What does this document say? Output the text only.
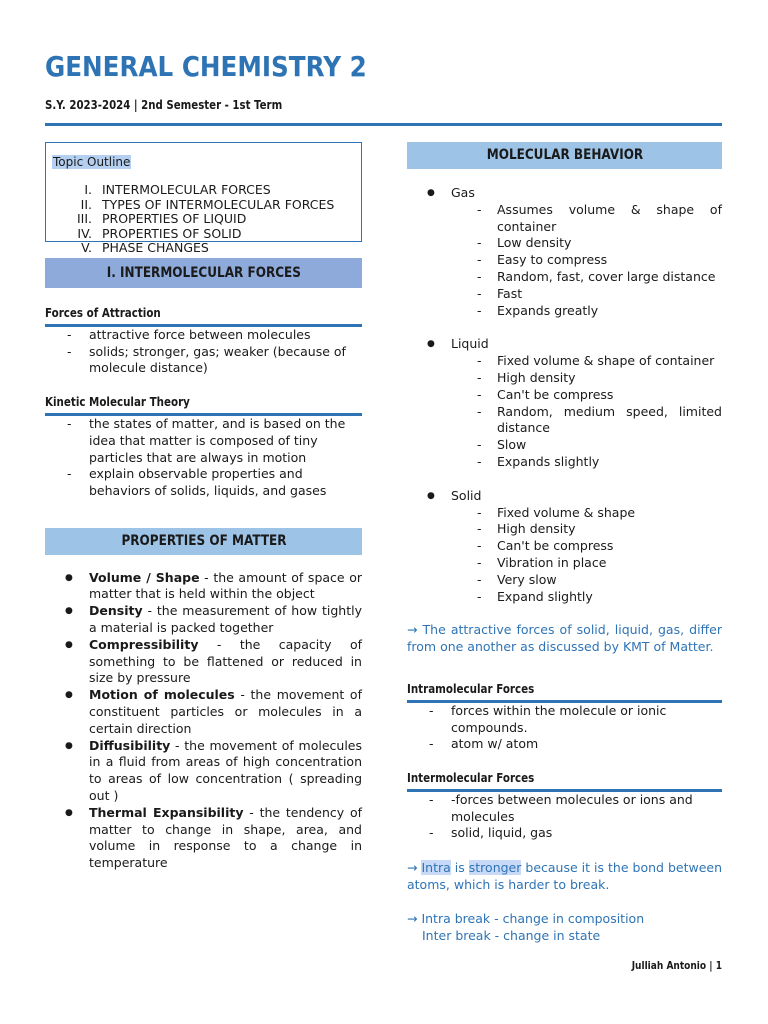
GENERAL CHEMISTRY 2
S.Y. 2023-2024 | 2nd Semester - 1st Term
Topic Outline
I. INTERMOLECULAR FORCES
II. TYPES OF INTERMOLECULAR FORCES
III. PROPERTIES OF LIQUID
IV. PROPERTIES OF SOLID
V. PHASE CHANGES
I. INTERMOLECULAR FORCES
Forces of Attraction
- attractive force between molecules
- solids; stronger, gas; weaker (because of molecule distance)
Kinetic Molecular Theory
- the states of matter, and is based on the idea that matter is composed of tiny particles that are always in motion
- explain observable properties and behaviors of solids, liquids, and gases
PROPERTIES OF MATTER
● Volume / Shape - the amount of space or matter that is held within the object
● Density - the measurement of how tightly a material is packed together
● Compressibility - the capacity of something to be flattened or reduced in size by pressure
● Motion of molecules - the movement of constituent particles or molecules in a certain direction
● Diffusibility - the movement of molecules in a fluid from areas of high concentration to areas of low concentration ( spreading out )
● Thermal Expansibility - the tendency of matter to change in shape, area, and volume in response to a change in temperature
MOLECULAR BEHAVIOR
● Gas
- Assumes volume & shape of container
- Low density
- Easy to compress
- Random, fast, cover large distance
- Fast
- Expands greatly
● Liquid
- Fixed volume & shape of container
- High density
- Can't be compress
- Random, medium speed, limited distance
- Slow
- Expands slightly
● Solid
- Fixed volume & shape
- High density
- Can't be compress
- Vibration in place
- Very slow
- Expand slightly
→ The attractive forces of solid, liquid, gas, differ from one another as discussed by KMT of Matter.
Intramolecular Forces
- forces within the molecule or ionic compounds.
- atom w/ atom
Intermolecular Forces
- -forces between molecules or ions and molecules
- solid, liquid, gas
→ Intra is stronger because it is the bond between atoms, which is harder to break.
→ Intra break - change in composition
Inter break - change in state
Julliah Antonio | 1
